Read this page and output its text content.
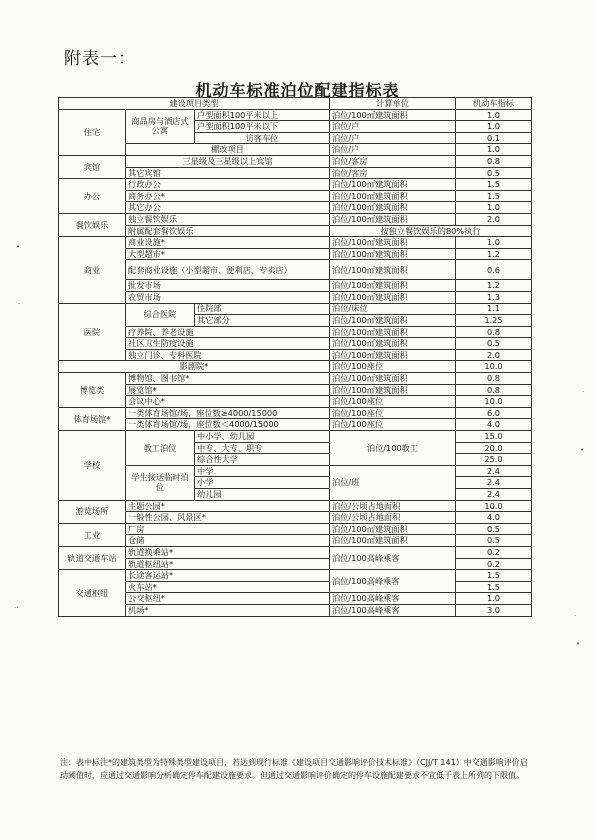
附表一：
机动车标准泊位配建指标表
建设项目类型			计算单位	机动车指标
住宅	商品房与酒店式公寓	户型面积100平米以上	泊位/100㎡建筑面积	1.0
		户型面积100平米以下	泊位/户	1.0
		访客车位	泊位/户	0.1
	棚改项目		泊位/户	1.0
宾馆	三星级及三星级以上宾馆		泊位/客房	0.8
	其它宾馆		泊位/客房	0.5
办公	行政办公		泊位/100㎡建筑面积	1.5
	商务办公*		泊位/100㎡建筑面积	1.5
	其它办公		泊位/100㎡建筑面积	1.0
餐饮娱乐	独立餐饮娱乐		泊位/100㎡建筑面积	2.0
	附属配套餐饮娱乐		按独立餐饮娱乐的80%执行	
商业	商业设施*		泊位/100㎡建筑面积	1.0
	大型超市*		泊位/100㎡建筑面积	1.2
	配套商业设施（小型超市、便利店、专卖店）		泊位/100㎡建筑面积	0.6
	批发市场		泊位/100㎡建筑面积	1.2
	农贸市场		泊位/100㎡建筑面积	1.3
医院	综合医院	住院部	泊位/床位	1.1
		其它部分	泊位/100㎡建筑面积	1.25
	疗养院、养老设施		泊位/100㎡建筑面积	0.8
	社区卫生防疫设施		泊位/100㎡建筑面积	0.5
	独立门诊、专科医院		泊位/100㎡建筑面积	2.0
影剧院*			泊位/100座位	10.0
博览类	博物馆、图书馆*		泊位/100㎡建筑面积	0.8
	展览馆*		泊位/100㎡建筑面积	0.8
	会议中心*		泊位/100座位	10.0
体育场馆*	一类体育场馆/场，座位数≥4000/15000		泊位/100座位	6.0
	一类体育场馆/场，座位数＜4000/15000		泊位/100座位	4.0
学校	教工泊位	中小学、幼儿园	泊位/100教工	15.0
		中专、大专、职专		20.0
		综合性大学		25.0
	学生接送临时泊位	中学	泊位/班	2.4
		小学		2.4
		幼儿园		2.4
游览场所	主题公园*		泊位/公顷占地面积	10.0
	一般性公园、风景区*		泊位/公顷占地面积	4.0
工业	厂房		泊位/100㎡建筑面积	0.5
	仓储		泊位/100㎡建筑面积	0.5
轨道交通车站	轨道换乘站*		泊位/100高峰乘客	0.2
	轨道枢纽站*			0.2
交通枢纽	长途客运站*		泊位/100高峰乘客	1.5
	火车站*			1.5
	公交枢纽*		泊位/100高峰乘客	1.0
	机场*		泊位/100高峰乘客	3.0
注：表中标注*的建筑类型为特殊类型建设项目，若达到现行标准《建设项目交通影响评价技术标准》（CJJ/T 141）中交通影响评价启动阈值时，应通过交通影响分析确定停车配建设施要求。但通过交通影响评价确定的停车设施配建要求不宜低于表上所列的下限值。
•
·
·
•
··
·
•
